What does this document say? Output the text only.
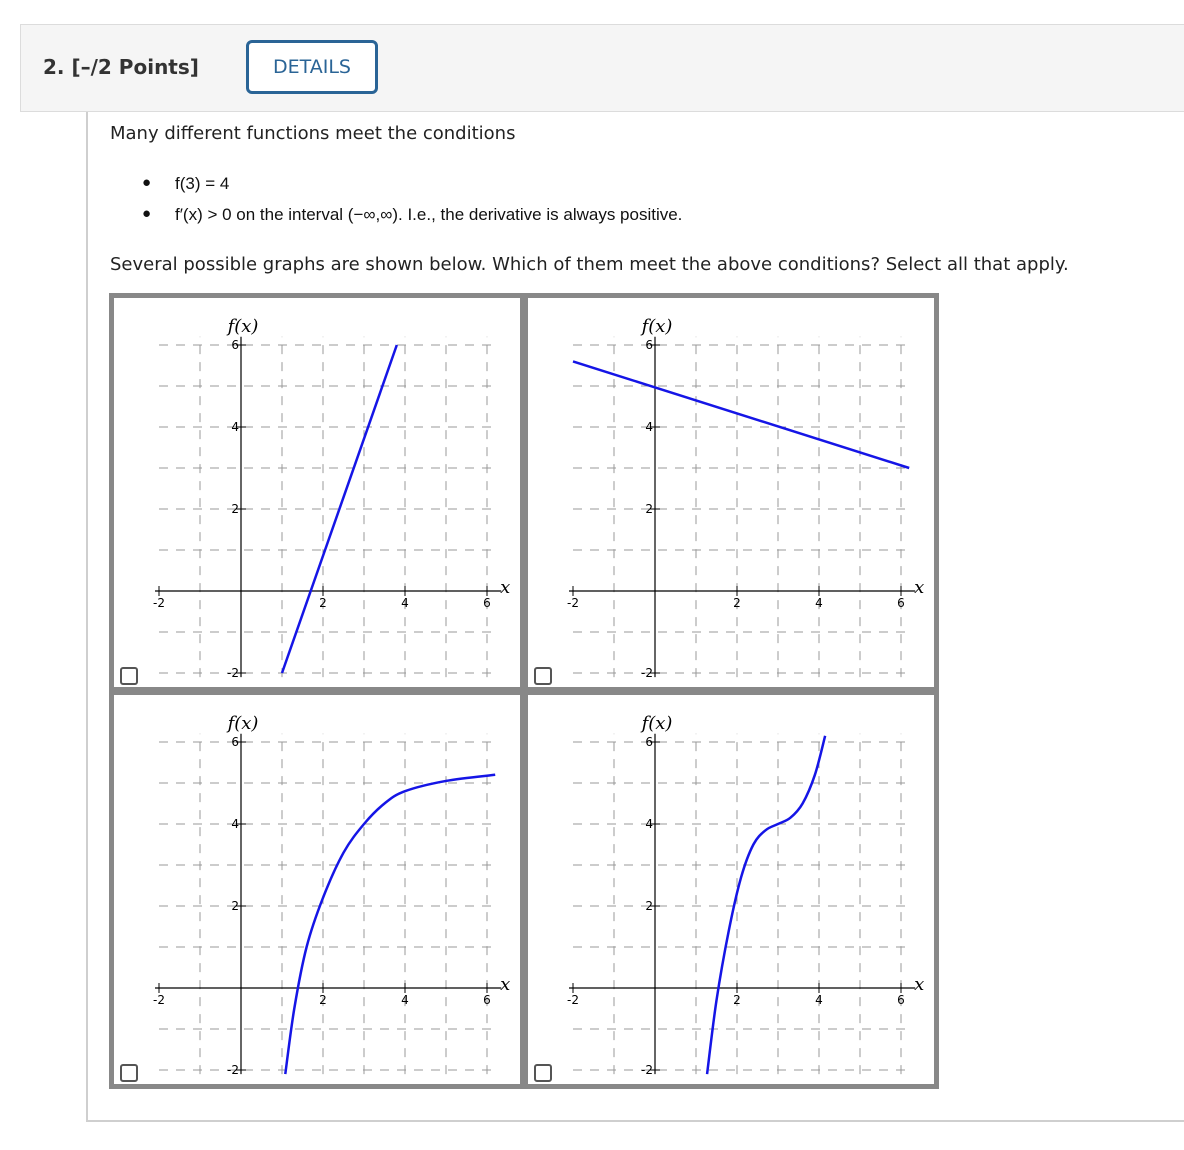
2. [–/2 Points]	DETAILS
Many different functions meet the conditions
● f(3) = 4
● f′(x) > 0 on the interval (−∞,∞). I.e., the derivative is always positive.
Several possible graphs are shown below. Which of them meet the above conditions? Select all that apply.
-2	2	4	6
-2
2
4
6
f(x)
x
-2	2	4	6
-2
2
4
6
f(x)
x
-2	2	4	6
-2
2
4
6
f(x)
x
-2	2	4	6
-2
2
4
6
f(x)
x
